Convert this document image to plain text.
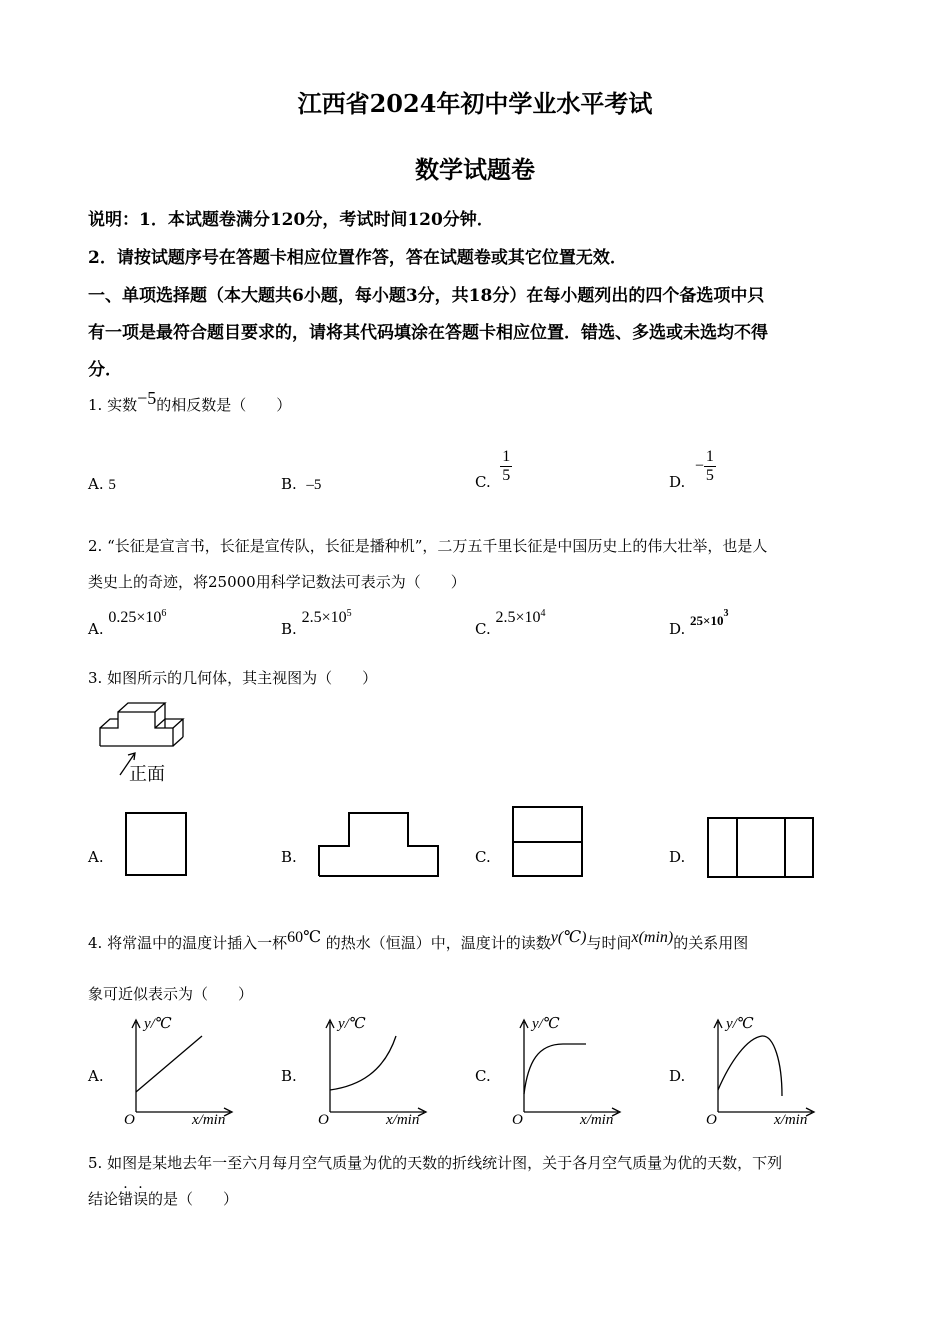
江西省2024年初中学业水平考试
数学试题卷
说明：1．本试题卷满分120分，考试时间120分钟．
2．请按试题序号在答题卡相应位置作答，答在试题卷或其它位置无效．
一、单项选择题（本大题共6小题，每小题3分，共18分）在每小题列出的四个备选项中只
有一项是最符合题目要求的，请将其代码填涂在答题卡相应位置．错选、多选或未选均不得
分．
1. 实数−5的相反数是（　　）
A. 5	B. –5	C. $\frac{1}{5}$	D.  − $\frac{1}{5}$
2. “长征是宣言书，长征是宣传队，长征是播种机”，二万五千里长征是中国历史上的伟大壮举，也是人
类史上的奇迹，将25000用科学记数法可表示为（　　）
A. $0.25\times 10^6$
B. $2.5\times 10^5$
C. $2.5\times 10^4$
D. $25\times 10^3$
3. 如图所示的几何体，其主视图为（　　）
正面
A.	B.	C.	D.
4. 将常温中的温度计插入一杯60℃ 的热水（恒温）中，温度计的读数y(℃)与时间x(min)的关系用图
象可近似表示为（　　）
A.
y/℃
O	x/min
B.
y/℃
O	x/min
C.
y/℃
O	x/min
D.
y/℃
O	x/min
5. 如图是某地去年一至六月每月空气质量为优的天数的折线统计图，关于各月空气质量为优的天数，下列
结论错误的是（　　）
